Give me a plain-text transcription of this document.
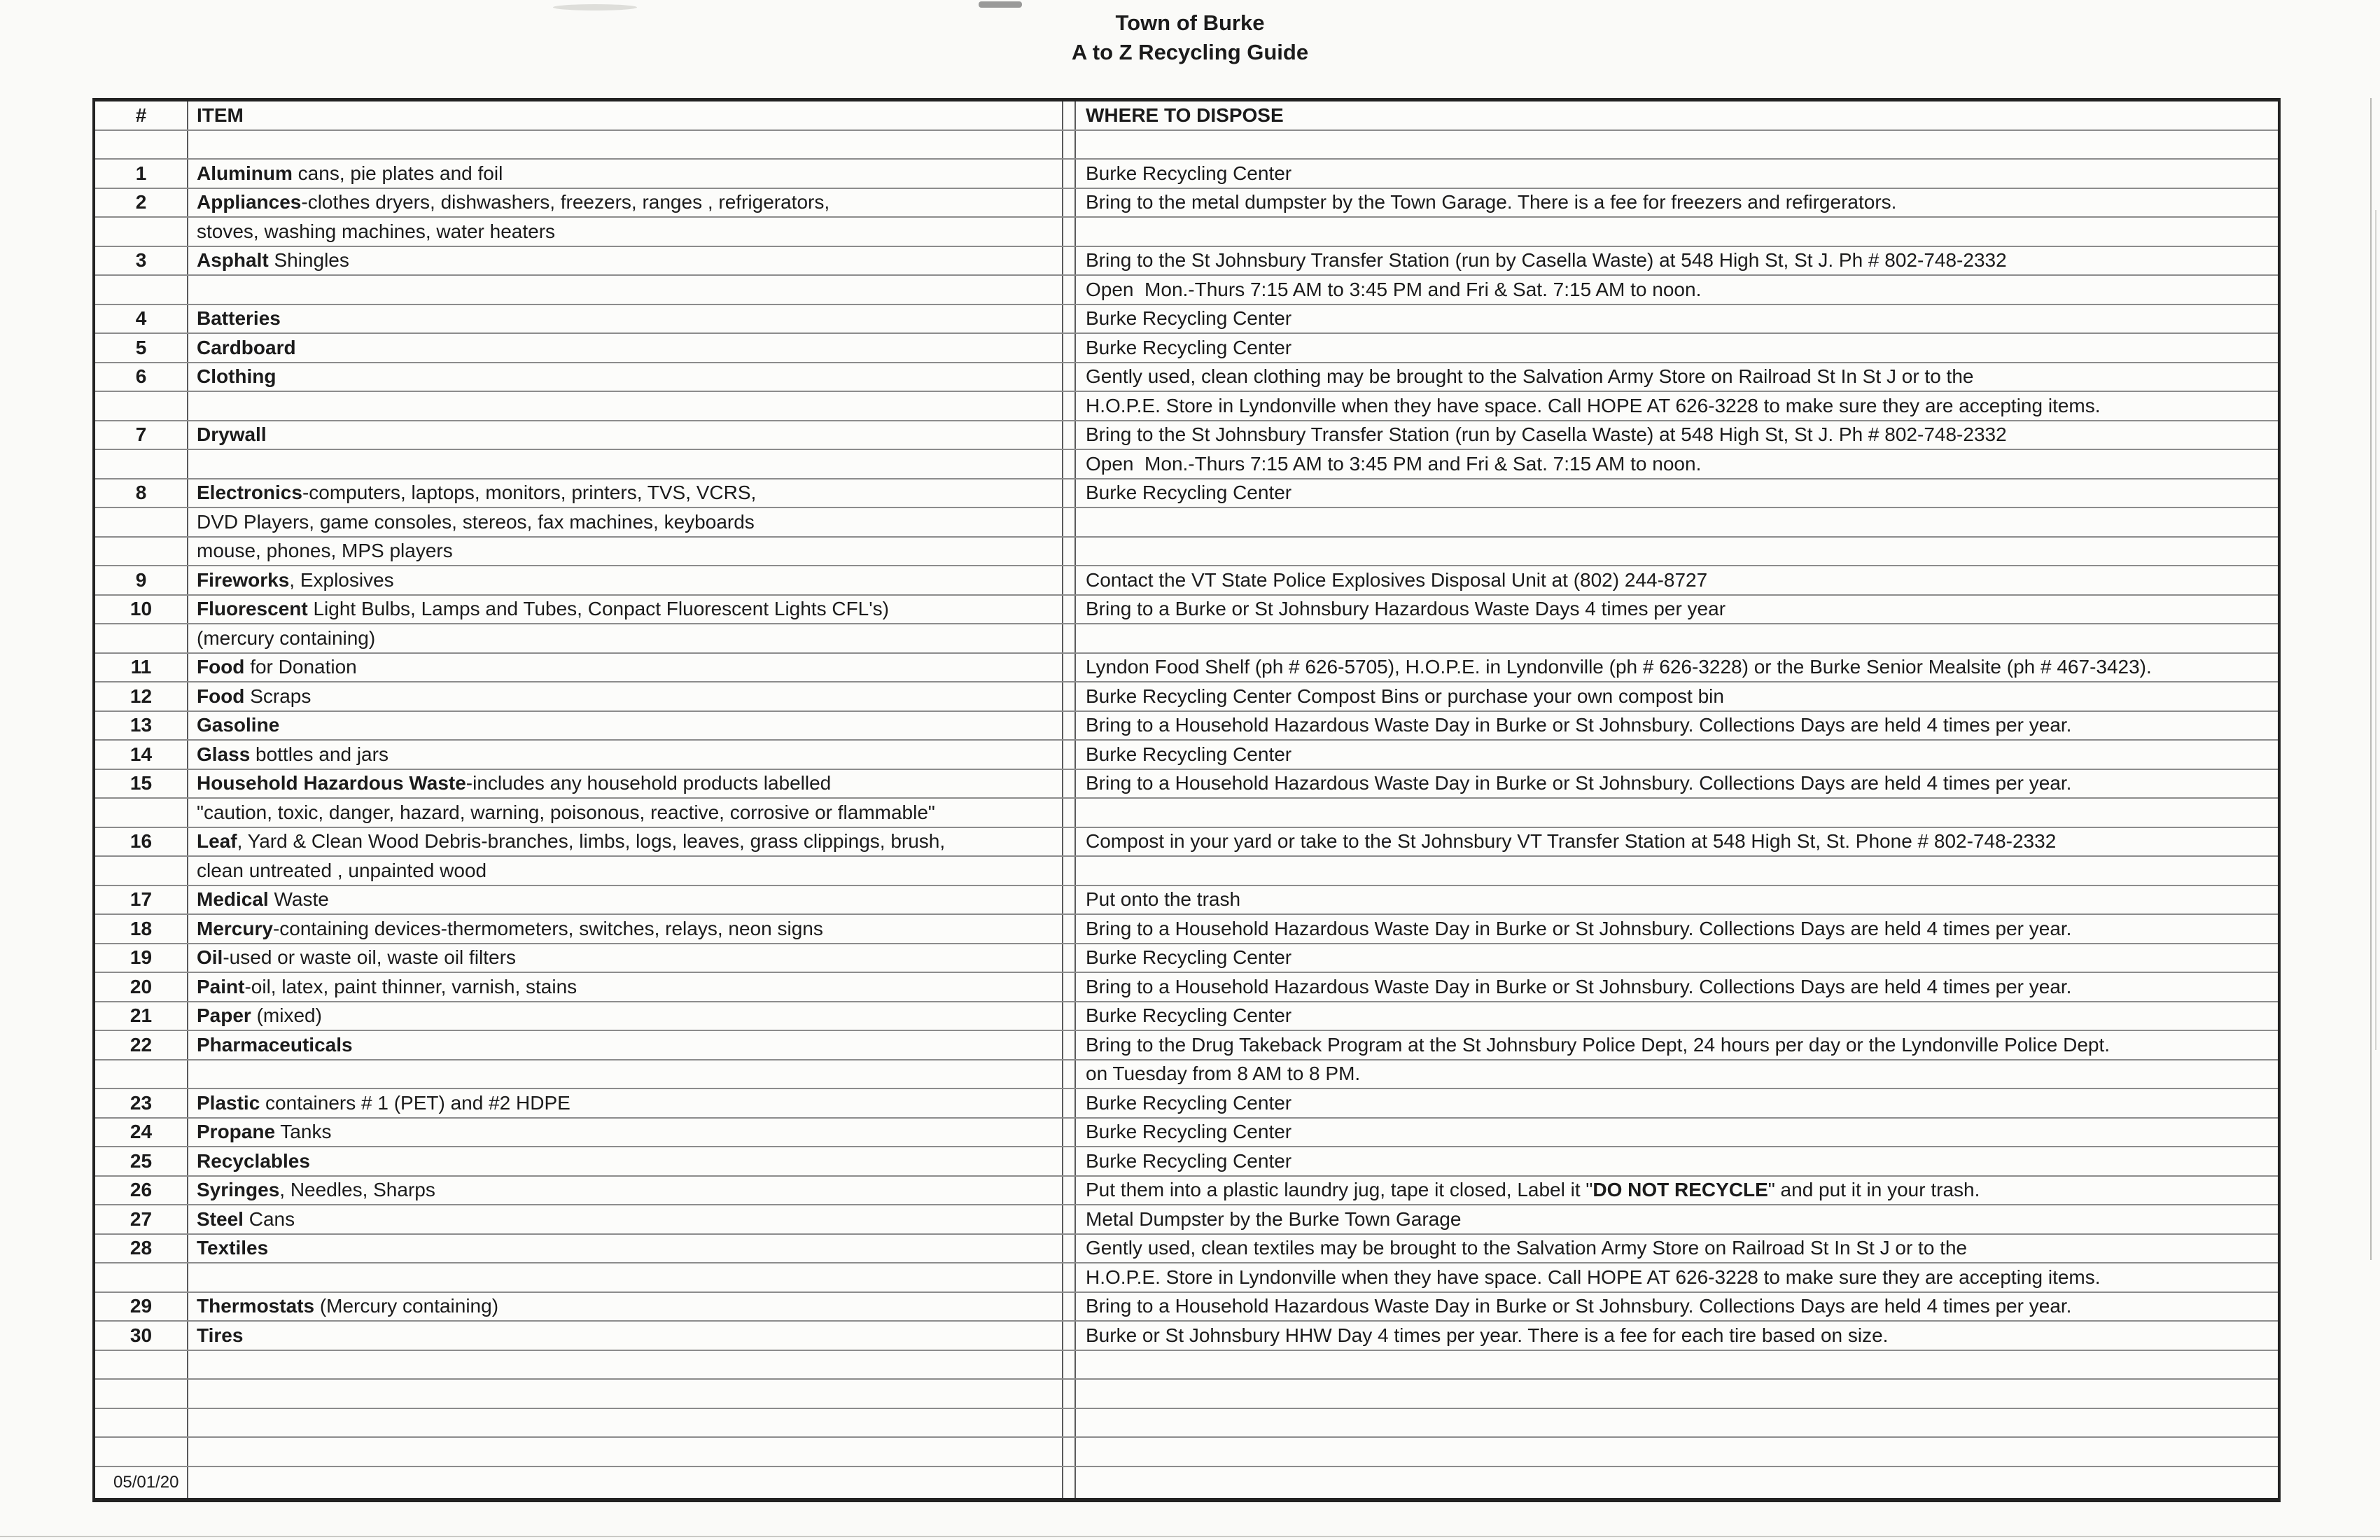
Town of Burke
A to Z Recycling Guide
#	ITEM	WHERE TO DISPOSE
1	Aluminum cans, pie plates and foil	Burke Recycling Center
2	Appliances -clothes dryers, dishwashers, freezers, ranges , refrigerators,	Bring to the metal dumpster by the Town Garage. There is a fee for freezers and refirgerators.
stoves, washing machines, water heaters
3	Asphalt Shingles	Bring to the St Johnsbury Transfer Station (run by Casella Waste) at 548 High St, St J. Ph # 802-748-2332
Open  Mon.-Thurs 7:15 AM to 3:45 PM and Fri & Sat. 7:15 AM to noon.
4	Batteries	Burke Recycling Center
5	Cardboard	Burke Recycling Center
6	Clothing	Gently used, clean clothing may be brought to the Salvation Army Store on Railroad St In St J or to the
H.O.P.E. Store in Lyndonville when they have space. Call HOPE AT 626-3228 to make sure they are accepting items.
7	Drywall	Bring to the St Johnsbury Transfer Station (run by Casella Waste) at 548 High St, St J. Ph # 802-748-2332
Open  Mon.-Thurs 7:15 AM to 3:45 PM and Fri & Sat. 7:15 AM to noon.
8	Electronics -computers, laptops, monitors, printers, TVS, VCRS,	Burke Recycling Center
DVD Players, game consoles, stereos, fax machines, keyboards
mouse, phones, MPS players
9	Fireworks , Explosives	Contact the VT State Police Explosives Disposal Unit at (802) 244-8727
10 Fluorescent Light Bulbs, Lamps and Tubes, Conpact Fluorescent Lights CFL's)	Bring to a Burke or St Johnsbury Hazardous Waste Days 4 times per year
(mercury containing)
11 Food for Donation	Lyndon Food Shelf (ph # 626-5705), H.O.P.E. in Lyndonville (ph # 626-3228) or the Burke Senior Mealsite (ph # 467-3423).
12 Food Scraps	Burke Recycling Center Compost Bins or purchase your own compost bin
13 Gasoline	Bring to a Household Hazardous Waste Day in Burke or St Johnsbury. Collections Days are held 4 times per year.
14 Glass bottles and jars	Burke Recycling Center
15 Household Hazardous Waste -includes any household products labelled	Bring to a Household Hazardous Waste Day in Burke or St Johnsbury. Collections Days are held 4 times per year.
"caution, toxic, danger, hazard, warning, poisonous, reactive, corrosive or flammable"
16 Leaf , Yard & Clean Wood Debris-branches, limbs, logs, leaves, grass clippings, brush,	Compost in your yard or take to the St Johnsbury VT Transfer Station at 548 High St, St. Phone # 802-748-2332
clean untreated , unpainted wood
17 Medical Waste	Put onto the trash
18 Mercury -containing devices-thermometers, switches, relays, neon signs	Bring to a Household Hazardous Waste Day in Burke or St Johnsbury. Collections Days are held 4 times per year.
19 Oil -used or waste oil, waste oil filters	Burke Recycling Center
20 Paint -oil, latex, paint thinner, varnish, stains	Bring to a Household Hazardous Waste Day in Burke or St Johnsbury. Collections Days are held 4 times per year.
21 Paper (mixed)	Burke Recycling Center
22 Pharmaceuticals	Bring to the Drug Takeback Program at the St Johnsbury Police Dept, 24 hours per day or the Lyndonville Police Dept.
on Tuesday from 8 AM to 8 PM.
23 Plastic containers # 1 (PET) and #2 HDPE	Burke Recycling Center
24 Propane Tanks	Burke Recycling Center
25 Recyclables	Burke Recycling Center
26 Syringes , Needles, Sharps	Put them into a plastic laundry jug, tape it closed, Label it " DO NOT RECYCLE " and put it in your trash.
27 Steel Cans	Metal Dumpster by the Burke Town Garage
28 Textiles	Gently used, clean textiles may be brought to the Salvation Army Store on Railroad St In St J or to the
H.O.P.E. Store in Lyndonville when they have space. Call HOPE AT 626-3228 to make sure they are accepting items.
29 Thermostats (Mercury containing)	Bring to a Household Hazardous Waste Day in Burke or St Johnsbury. Collections Days are held 4 times per year.
30 Tires	Burke or St Johnsbury HHW Day 4 times per year. There is a fee for each tire based on size.
05/01/20
